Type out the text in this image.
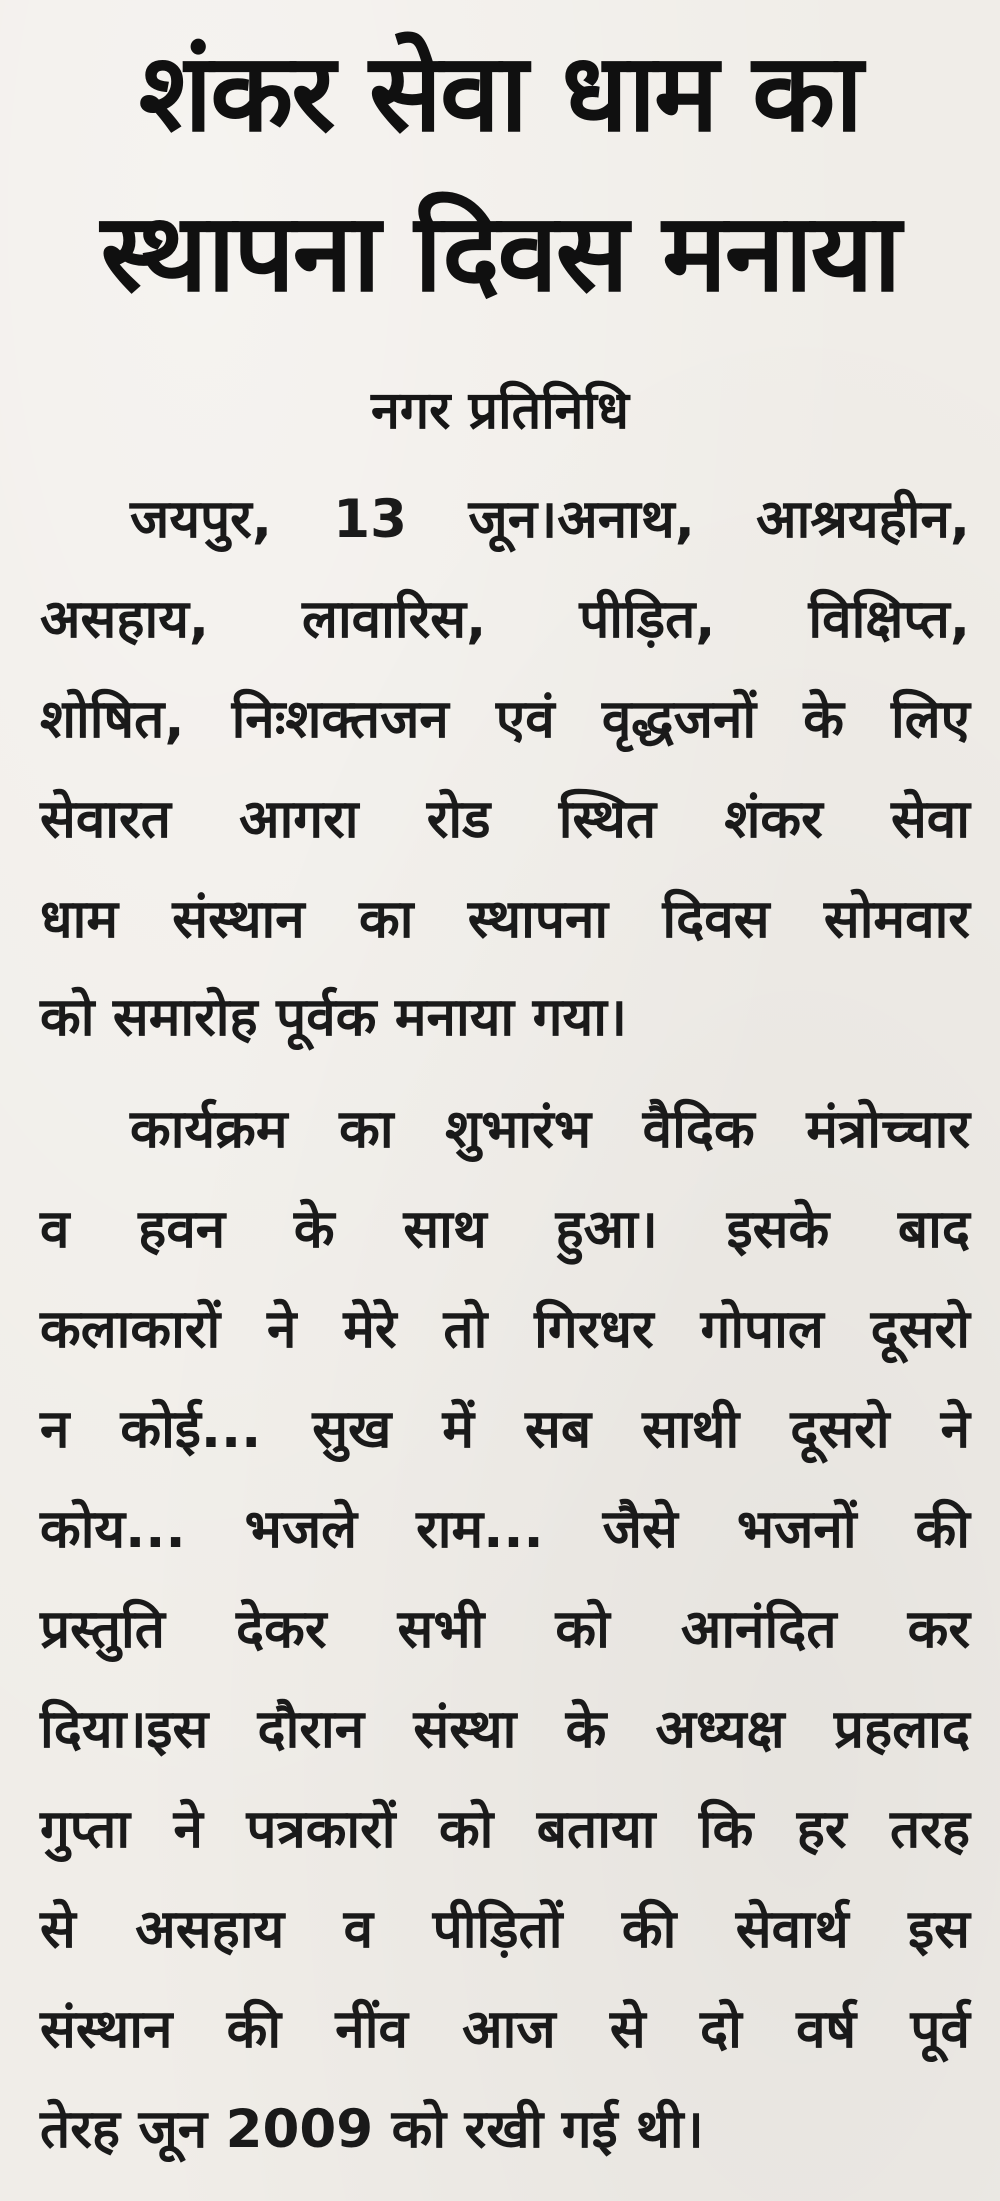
शंकर सेवा धाम का
स्थापना दिवस मनाया
नगर प्रतिनिधि
जयपुर, 13 जून।अनाथ, आश्रयहीन,
असहाय, लावारिस, पीड़ित, विक्षिप्त,
शोषित, निःशक्तजन एवं वृद्धजनों के लिए
सेवारत आगरा रोड स्थित शंकर सेवा
धाम संस्थान का स्थापना दिवस सोमवार
को समारोह पूर्वक मनाया गया।
कार्यक्रम का शुभारंभ वैदिक मंत्रोच्चार
व हवन के साथ हुआ। इसके बाद
कलाकारों ने मेरे तो गिरधर गोपाल दूसरो
न कोई... सुख में सब साथी दूसरो ने
कोय... भजले राम... जैसे भजनों की
प्रस्तुति देकर सभी को आनंदित कर
दिया।इस दौरान संस्था के अध्यक्ष प्रहलाद
गुप्ता ने पत्रकारों को बताया कि हर तरह
से असहाय व पीड़ितों की सेवार्थ इस
संस्थान की नींव आज से दो वर्ष पूर्व
तेरह जून 2009 को रखी गई थी।
